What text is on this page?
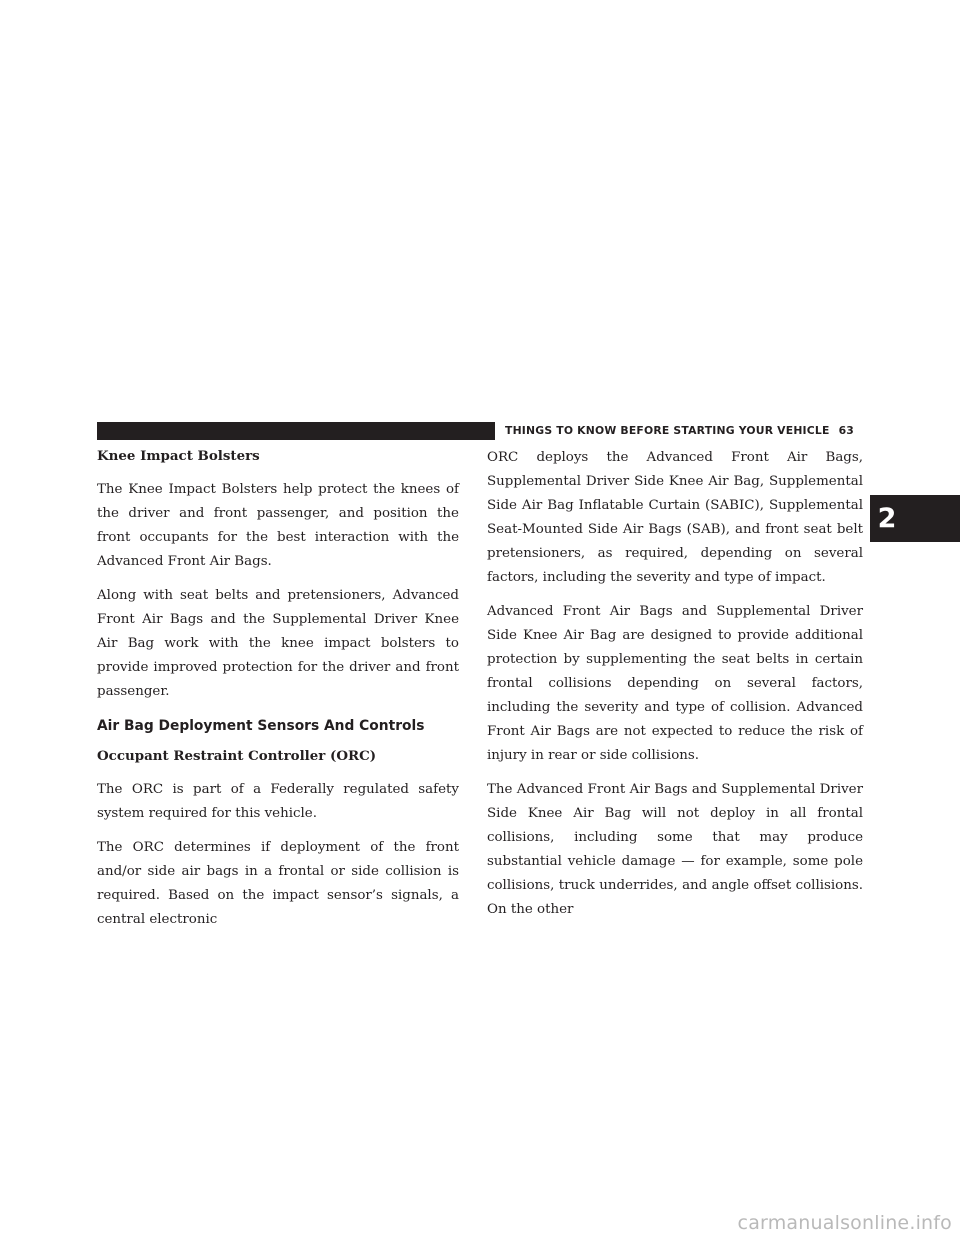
THINGS TO KNOW BEFORE STARTING YOUR VEHICLE 63
2
Knee Impact Bolsters

The Knee Impact Bolsters help protect the knees of the driver and front passenger, and position the front occupants for the best interaction with the Advanced Front Air Bags.

Along with seat belts and pretensioners, Advanced Front Air Bags and the Supplemental Driver Knee Air Bag work with the knee impact bolsters to provide improved protection for the driver and front passenger.

Air Bag Deployment Sensors And Controls
Occupant Restraint Controller (ORC)

The ORC is part of a Federally regulated safety system required for this vehicle.

The ORC determines if deployment of the front and/or side air bags in a frontal or side collision is required. Based on the impact sensor’s signals, a central electronic

ORC deploys the Advanced Front Air Bags, Supplemental Driver Side Knee Air Bag, Supplemental Side Air Bag Inflatable Curtain (SABIC), Supplemental Seat-Mounted Side Air Bags (SAB), and front seat belt pretensioners, as required, depending on several factors, including the severity and type of impact.

Advanced Front Air Bags and Supplemental Driver Side Knee Air Bag are designed to provide additional protection by supplementing the seat belts in certain frontal collisions depending on several factors, including the severity and type of collision. Advanced Front Air Bags are not expected to reduce the risk of injury in rear or side collisions.

The Advanced Front Air Bags and Supplemental Driver Side Knee Air Bag will not deploy in all frontal collisions, including some that may produce substantial vehicle damage — for example, some pole collisions, truck underrides, and angle offset collisions. On the other

carmanualsonline.info
